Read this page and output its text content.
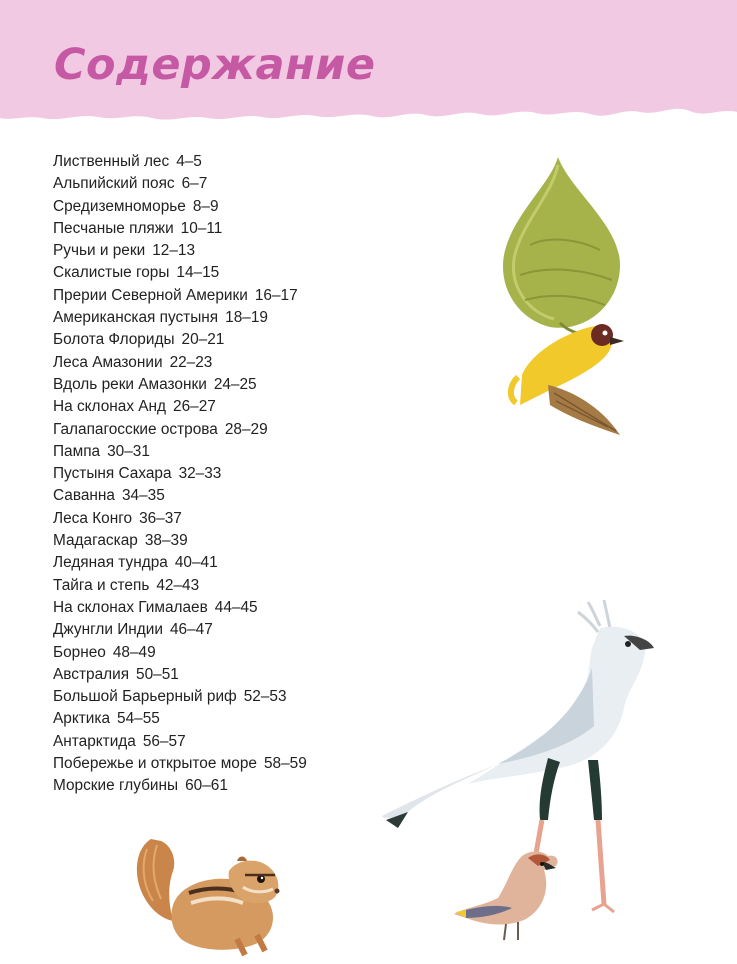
Содержание
Лиственный лес 4–5
Альпийский пояс 6–7
Средиземноморье 8–9
Песчаные пляжи 10–11
Ручьи и реки 12–13
Скалистые горы 14–15
Прерии Северной Америки 16–17
Американская пустыня 18–19
Болота Флориды 20–21
Леса Амазонии 22–23
Вдоль реки Амазонки 24–25
На склонах Анд 26–27
Галапагосские острова 28–29
Пампа 30–31
Пустыня Сахара 32–33
Саванна 34–35
Леса Конго 36–37
Мадагаскар 38–39
Ледяная тундра 40–41
Тайга и степь 42–43
На склонах Гималаев 44–45
Джунгли Индии 46–47
Борнео 48–49
Австралия 50–51
Большой Барьерный риф 52–53
Арктика 54–55
Антарктида 56–57
Побережье и открытое море 58–59
Морские глубины 60–61
